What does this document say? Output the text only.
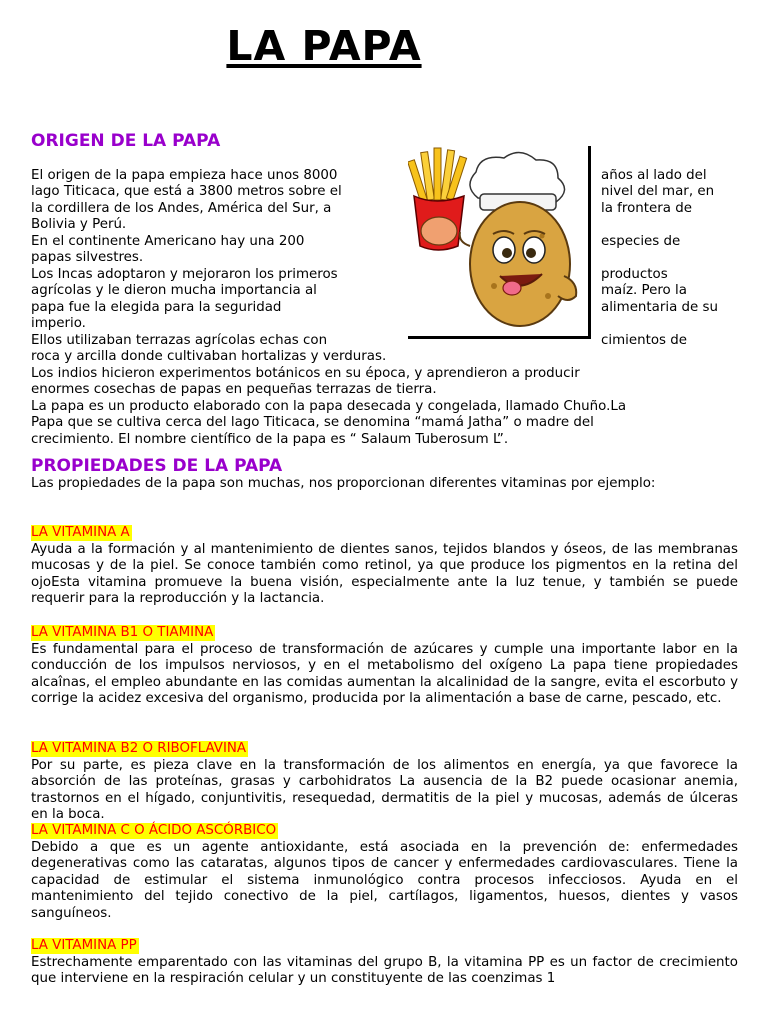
LA PAPA
ORIGEN DE LA PAPA
El origen de la papa empieza hace unos 8000	años al lado del
lago Titicaca, que está a 3800 metros sobre el	nivel del mar, en
la cordillera de los Andes, América del Sur, a	la frontera de
Bolivia y Perú.
En el continente Americano hay una 200	especies de
papas silvestres.
Los Incas adoptaron y mejoraron los primeros	productos
agrícolas y le dieron mucha importancia al	maíz. Pero la
papa fue la elegida para la seguridad	alimentaria de su
imperio.
Ellos utilizaban terrazas agrícolas echas con	cimientos de
roca y arcilla donde cultivaban hortalizas y verduras.
Los indios hicieron experimentos botánicos en su época, y aprendieron a producir
enormes cosechas de papas en pequeñas terrazas de tierra.
La papa es un producto elaborado con la papa desecada y congelada, llamado Chuño.La
Papa que se cultiva cerca del lago Titicaca, se denomina “mamá Jatha” o madre del
crecimiento. El nombre científico de la papa es “ Salaum Tuberosum L”.
PROPIEDADES DE LA PAPA
Las propiedades de la papa son muchas, nos proporcionan diferentes vitaminas por ejemplo:
LA VITAMINA A
Ayuda a la formación y al mantenimiento de dientes sanos, tejidos blandos y óseos, de las membranas mucosas y de la piel. Se conoce también como retinol, ya que produce los pigmentos en la retina del ojoEsta vitamina promueve la buena visión, especialmente ante la luz tenue, y también se puede requerir para la reproducción y la lactancia.
LA VITAMINA B1 O TIAMINA
Es fundamental para el proceso de transformación de azúcares y cumple una importante labor en la conducción de los impulsos nerviosos, y en el metabolismo del oxígeno La papa tiene propiedades alcaînas, el empleo abundante en las comidas aumentan la alcalinidad de la sangre, evita el escorbuto y corrige la acidez excesiva del organismo, producida por la alimentación a base de carne, pescado, etc.
LA VITAMINA B2 O RIBOFLAVINA
Por su parte, es pieza clave en la transformación de los alimentos en energía, ya que favorece la absorción de las proteínas, grasas y carbohidratos La ausencia de la B2 puede ocasionar anemia, trastornos en el hígado, conjuntivitis, resequedad, dermatitis de la piel y mucosas, además de úlceras en la boca.
LA VITAMINA C O ÁCIDO ASCÓRBICO
Debido a que es un agente antioxidante, está asociada en la prevención de: enfermedades degenerativas como las cataratas, algunos tipos de cancer y enfermedades cardiovasculares. Tiene la capacidad de estimular el sistema inmunológico contra procesos infecciosos. Ayuda en el mantenimiento del tejido conectivo de la piel, cartílagos, ligamentos, huesos, dientes y vasos sanguíneos.
LA VITAMINA PP
Estrechamente emparentado con las vitaminas del grupo B, la vitamina PP es un factor de crecimiento que interviene en la respiración celular y un constituyente de las coenzimas 1
